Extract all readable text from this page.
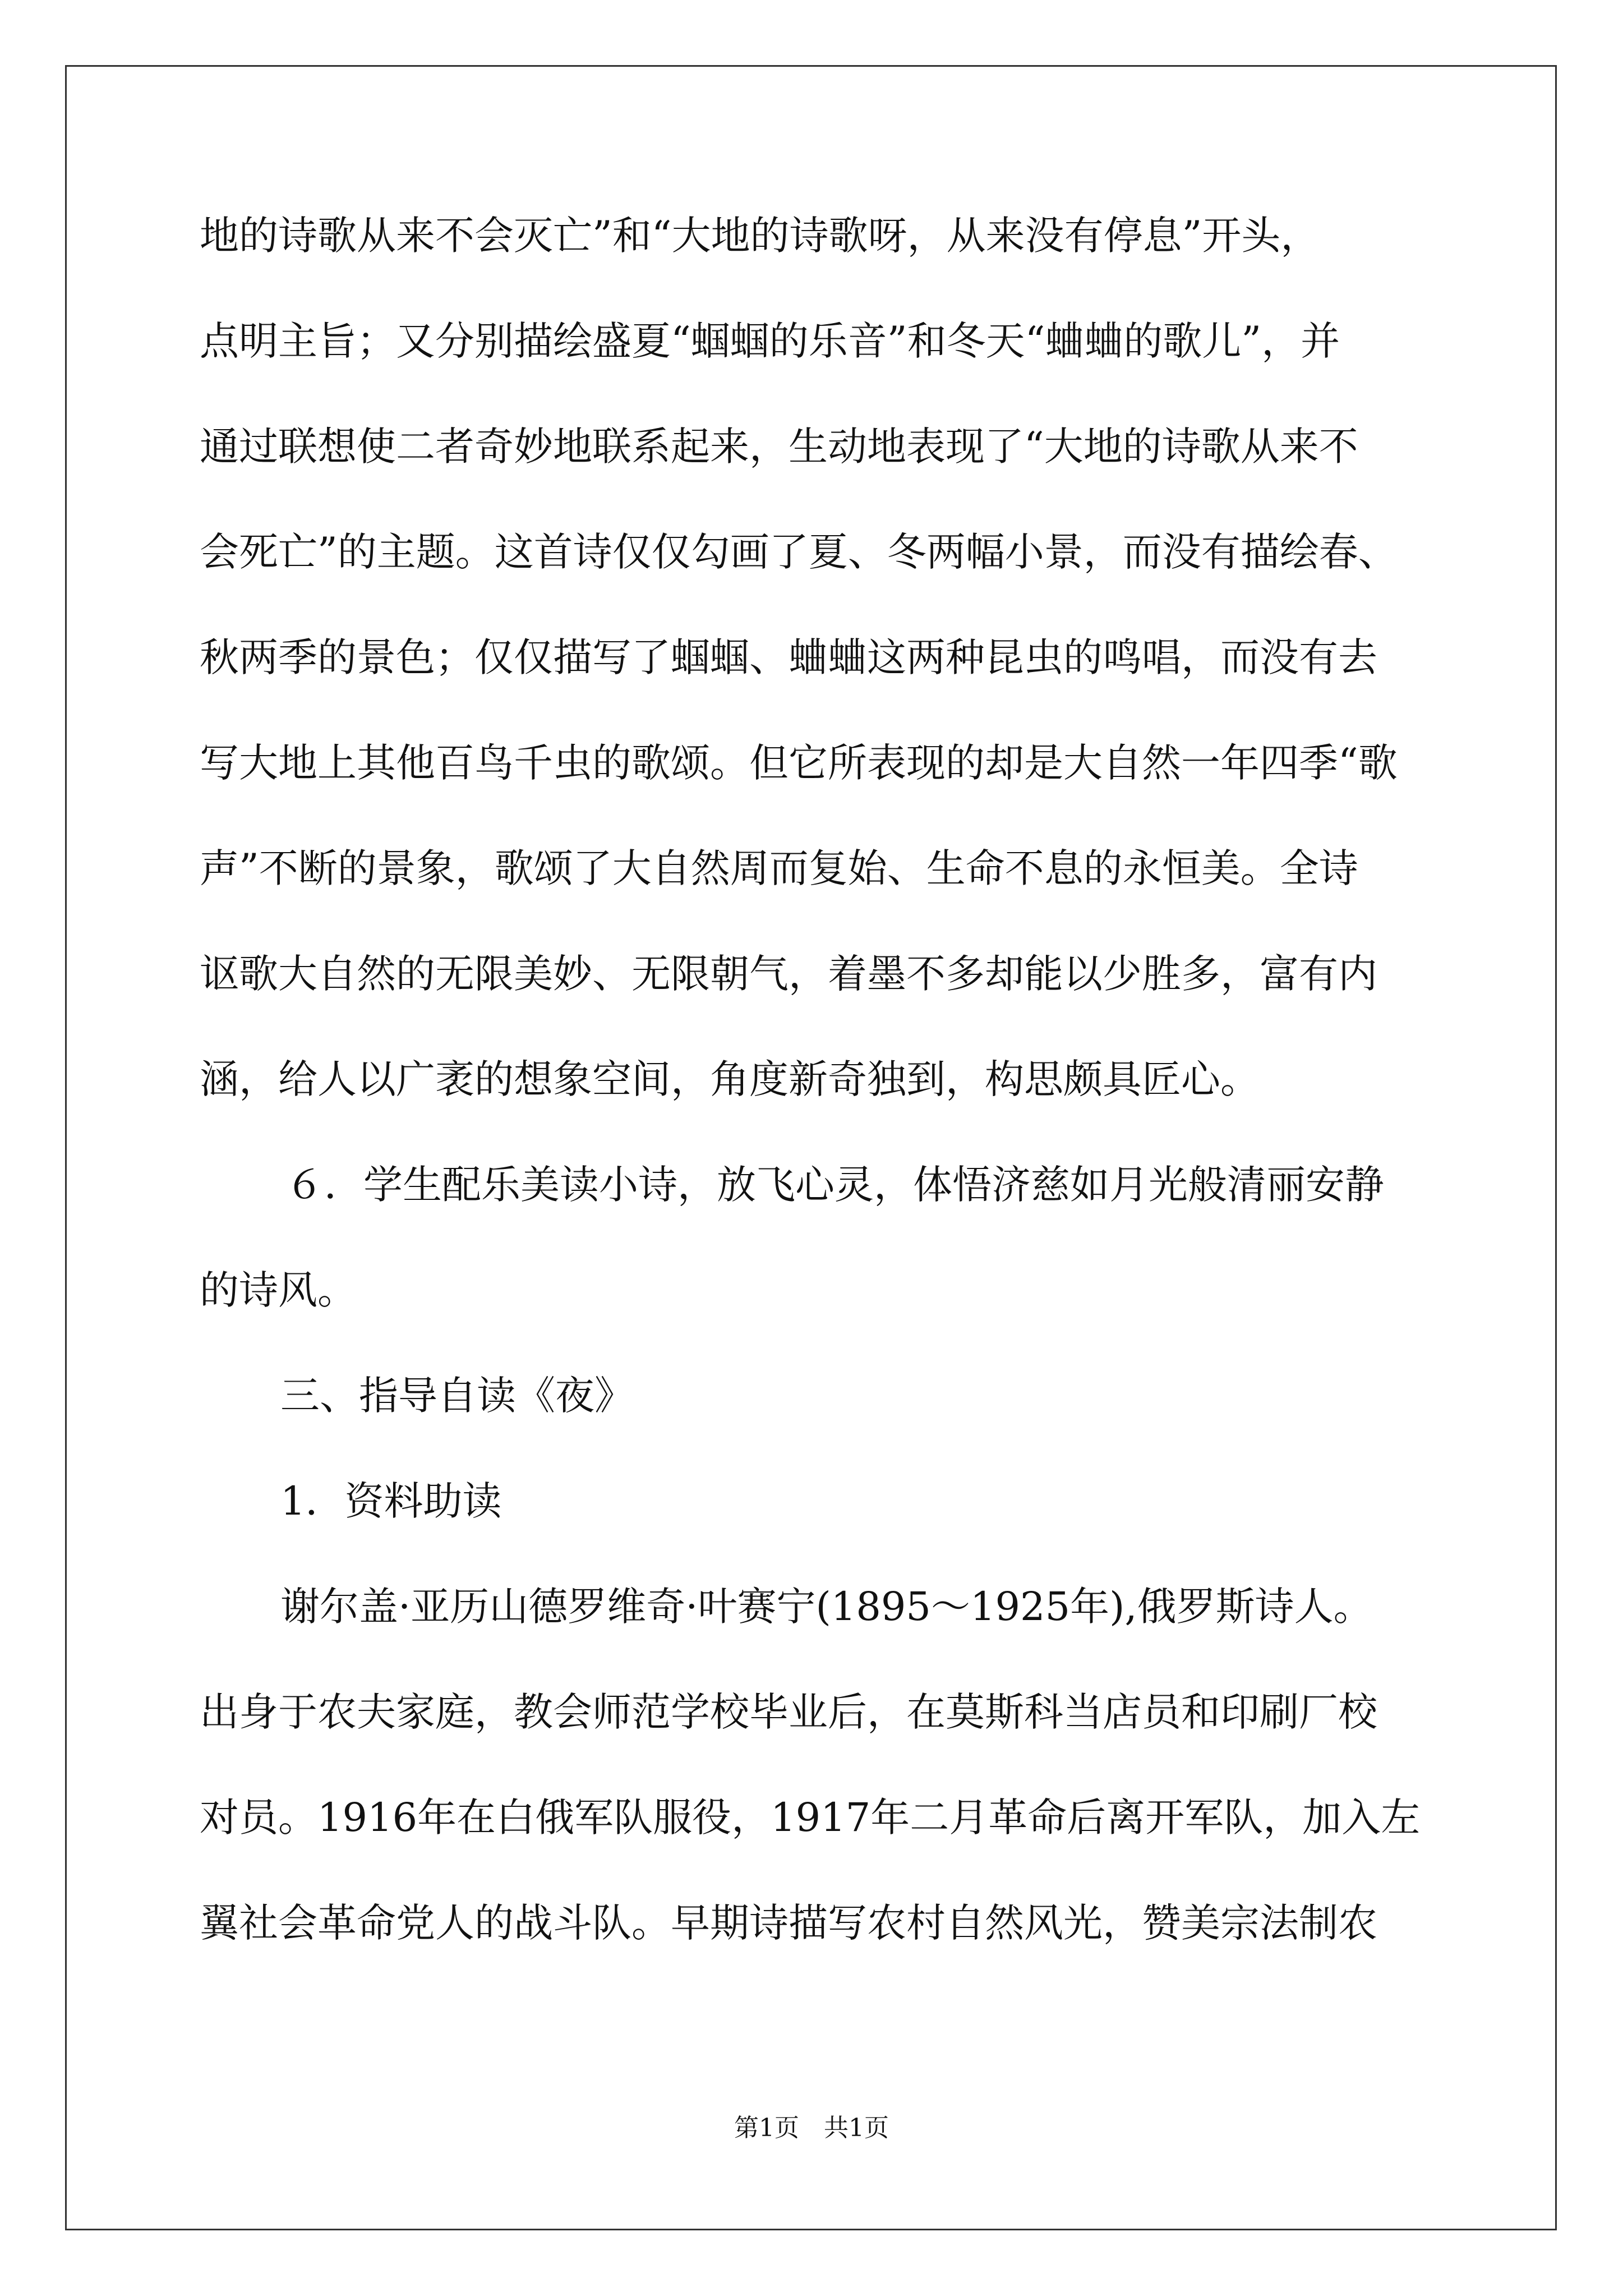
地的诗歌从来不会灭亡”和“大地的诗歌呀，从来没有停息”开头，
点明主旨；又分别描绘盛夏“蝈蝈的乐音”和冬天“蛐蛐的歌儿”，并
通过联想使二者奇妙地联系起来，生动地表现了“大地的诗歌从来不
会死亡”的主题。这首诗仅仅勾画了夏、冬两幅小景，而没有描绘春、
秋两季的景色；仅仅描写了蝈蝈、蛐蛐这两种昆虫的鸣唱，而没有去
写大地上其他百鸟千虫的歌颂。但它所表现的却是大自然一年四季“歌
声”不断的景象，歌颂了大自然周而复始、生命不息的永恒美。全诗
讴歌大自然的无限美妙、无限朝气，着墨不多却能以少胜多，富有内
涵，给人以广袤的想象空间，角度新奇独到，构思颇具匠心。
６．学生配乐美读小诗，放飞心灵，体悟济慈如月光般清丽安静
的诗风。
三、指导自读《夜》
1．资料助读
谢尔盖·亚历山德罗维奇·叶赛宁(1895～1925年),俄罗斯诗人。
出身于农夫家庭，教会师范学校毕业后，在莫斯科当店员和印刷厂校
对员。1916年在白俄军队服役，1917年二月革命后离开军队，加入左
翼社会革命党人的战斗队。早期诗描写农村自然风光，赞美宗法制农
第1页　共1页
